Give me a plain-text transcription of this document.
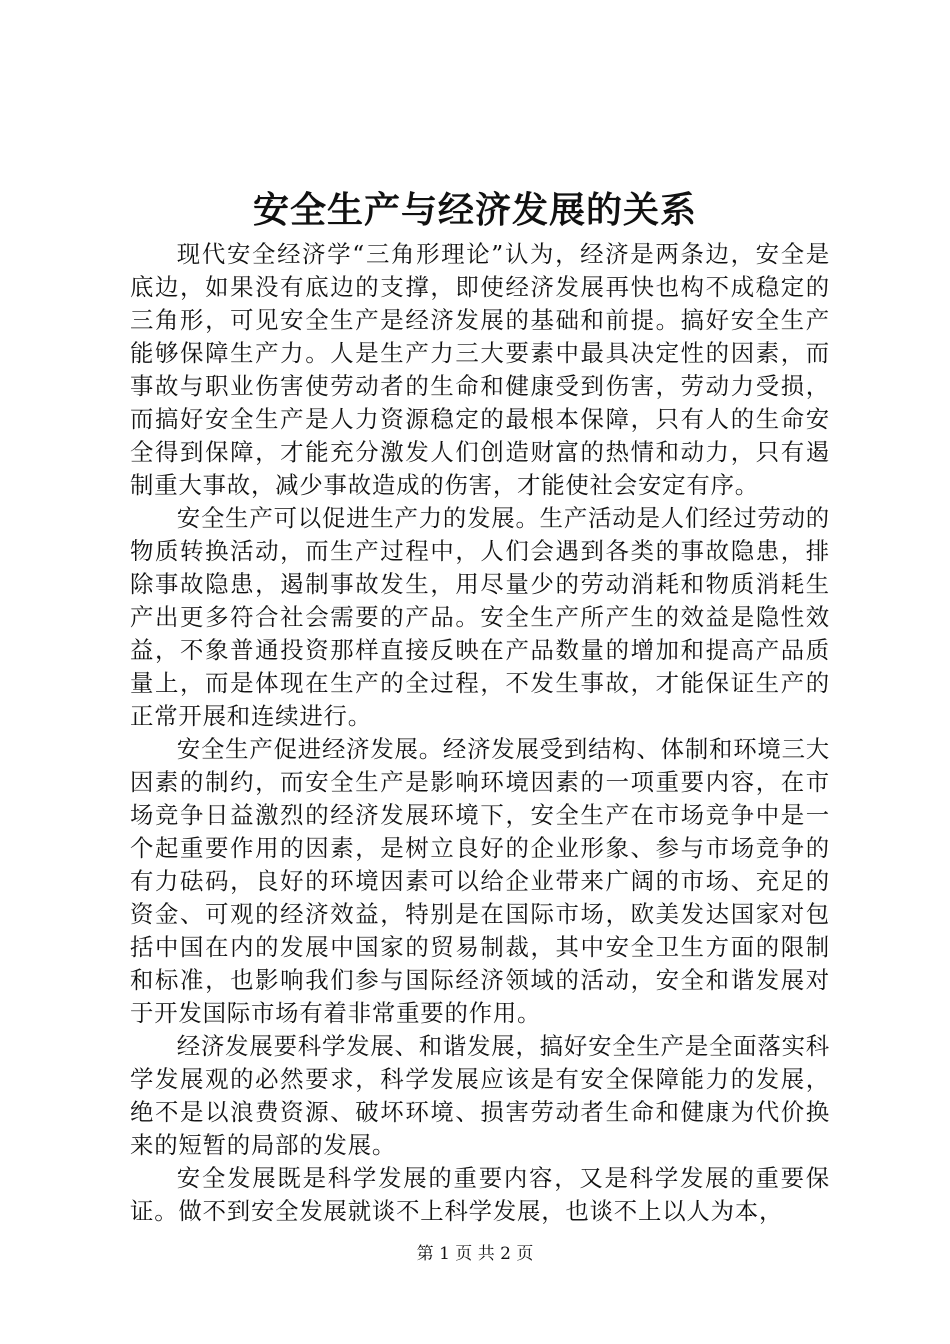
安全生产与经济发展的关系

现代安全经济学“三角形理论”认为，经济是两条边，安全是底边，如果没有底边的支撑，即使经济发展再快也构不成稳定的三角形，可见安全生产是经济发展的基础和前提。搞好安全生产能够保障生产力。人是生产力三大要素中最具决定性的因素，而事故与职业伤害使劳动者的生命和健康受到伤害，劳动力受损，而搞好安全生产是人力资源稳定的最根本保障，只有人的生命安全得到保障，才能充分激发人们创造财富的热情和动力，只有遏制重大事故，减少事故造成的伤害，才能使社会安定有序。

安全生产可以促进生产力的发展。生产活动是人们经过劳动的物质转换活动，而生产过程中，人们会遇到各类的事故隐患，排除事故隐患，遏制事故发生，用尽量少的劳动消耗和物质消耗生产出更多符合社会需要的产品。安全生产所产生的效益是隐性效益，不象普通投资那样直接反映在产品数量的增加和提高产品质量上，而是体现在生产的全过程，不发生事故，才能保证生产的正常开展和连续进行。

安全生产促进经济发展。经济发展受到结构、体制和环境三大因素的制约，而安全生产是影响环境因素的一项重要内容，在市场竞争日益激烈的经济发展环境下，安全生产在市场竞争中是一个起重要作用的因素，是树立良好的企业形象、参与市场竞争的有力砝码，良好的环境因素可以给企业带来广阔的市场、充足的资金、可观的经济效益，特别是在国际市场，欧美发达国家对包括中国在内的发展中国家的贸易制裁，其中安全卫生方面的限制和标准，也影响我们参与国际经济领域的活动，安全和谐发展对于开发国际市场有着非常重要的作用。

经济发展要科学发展、和谐发展，搞好安全生产是全面落实科学发展观的必然要求，科学发展应该是有安全保障能力的发展，绝不是以浪费资源、破坏环境、损害劳动者生命和健康为代价换来的短暂的局部的发展。

安全发展既是科学发展的重要内容，又是科学发展的重要保证。做不到安全发展就谈不上科学发展，也谈不上以人为本，

第 1 页 共 2 页
